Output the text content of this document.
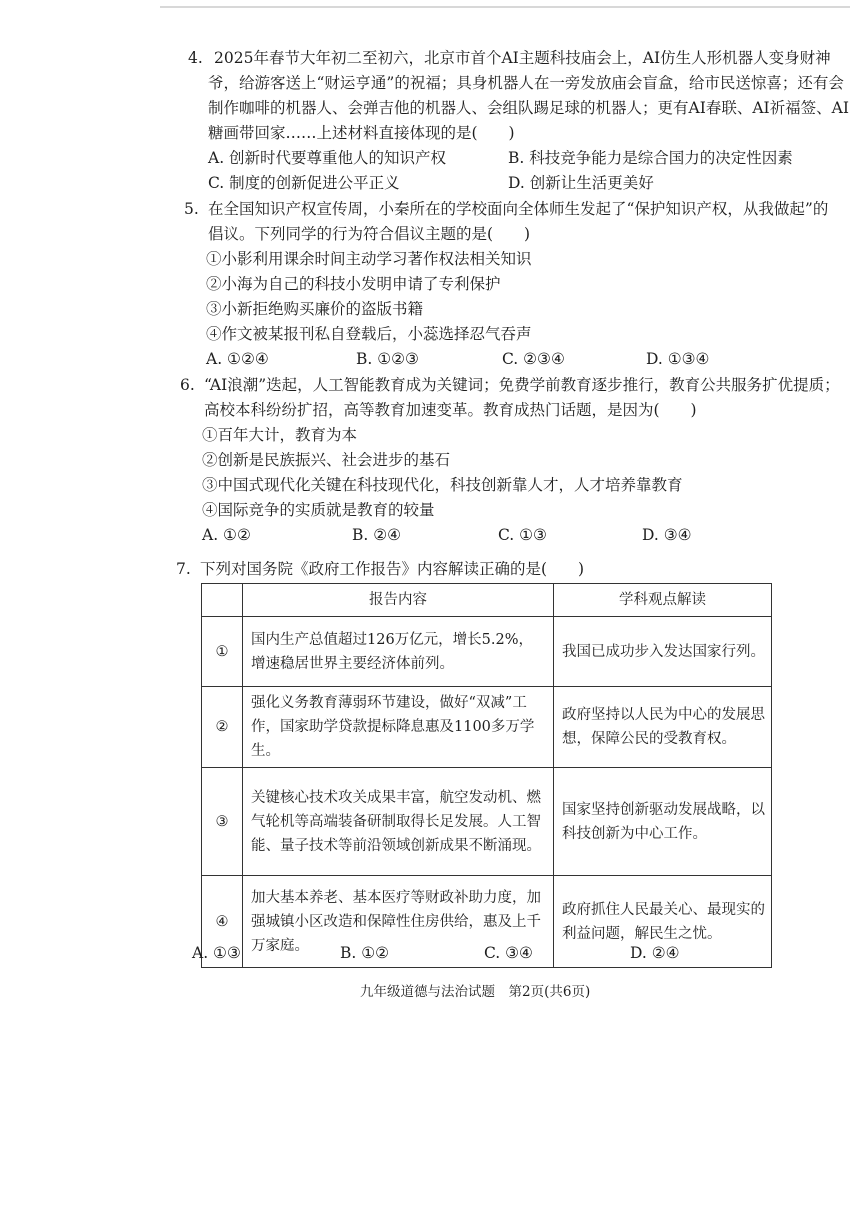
4. 2025年春节大年初二至初六，北京市首个AI主题科技庙会上，AI仿生人形机器人变身财神
爷，给游客送上“财运亨通”的祝福；具身机器人在一旁发放庙会盲盒，给市民送惊喜；还有会
制作咖啡的机器人、会弹吉他的机器人、会组队踢足球的机器人；更有AI春联、AI祈福签、AI
糖画带回家……上述材料直接体现的是(　　)
A. 创新时代要尊重他人的知识产权	B. 科技竞争能力是综合国力的决定性因素
C. 制度的创新促进公平正义	D. 创新让生活更美好
5. 在全国知识产权宣传周，小秦所在的学校面向全体师生发起了“保护知识产权，从我做起”的
倡议。下列同学的行为符合倡议主题的是(　　)
①小影利用课余时间主动学习著作权法相关知识
②小海为自己的科技小发明申请了专利保护
③小新拒绝购买廉价的盗版书籍
④作文被某报刊私自登载后，小蕊选择忍气吞声
A. ①②④	B. ①②③	C. ②③④	D. ①③④
6. “AI浪潮”迭起，人工智能教育成为关键词；免费学前教育逐步推行，教育公共服务扩优提质；
高校本科纷纷扩招，高等教育加速变革。教育成热门话题，是因为(　　)
①百年大计，教育为本
②创新是民族振兴、社会进步的基石
③中国式现代化关键在科技现代化，科技创新靠人才，人才培养靠教育
④国际竞争的实质就是教育的较量
A. ①②	B. ②④	C. ①③	D. ③④
7. 下列对国务院《政府工作报告》内容解读正确的是(　　)
	报告内容	学科观点解读
①	国内生产总值超过126万亿元，增长5.2%，增速稳居世界主要经济体前列。	我国已成功步入发达国家行列。
②	强化义务教育薄弱环节建设，做好“双减”工作，国家助学贷款提标降息惠及1100多万学生。	政府坚持以人民为中心的发展思想，保障公民的受教育权。
③	关键核心技术攻关成果丰富，航空发动机、燃气轮机等高端装备研制取得长足发展。人工智能、量子技术等前沿领域创新成果不断涌现。	国家坚持创新驱动发展战略，以科技创新为中心工作。
④	加大基本养老、基本医疗等财政补助力度，加强城镇小区改造和保障性住房供给，惠及上千万家庭。	政府抓住人民最关心、最现实的利益问题，解民生之忧。
A. ①③	B. ①②	C. ③④	D. ②④
九年级道德与法治试题　第2页(共6页)
